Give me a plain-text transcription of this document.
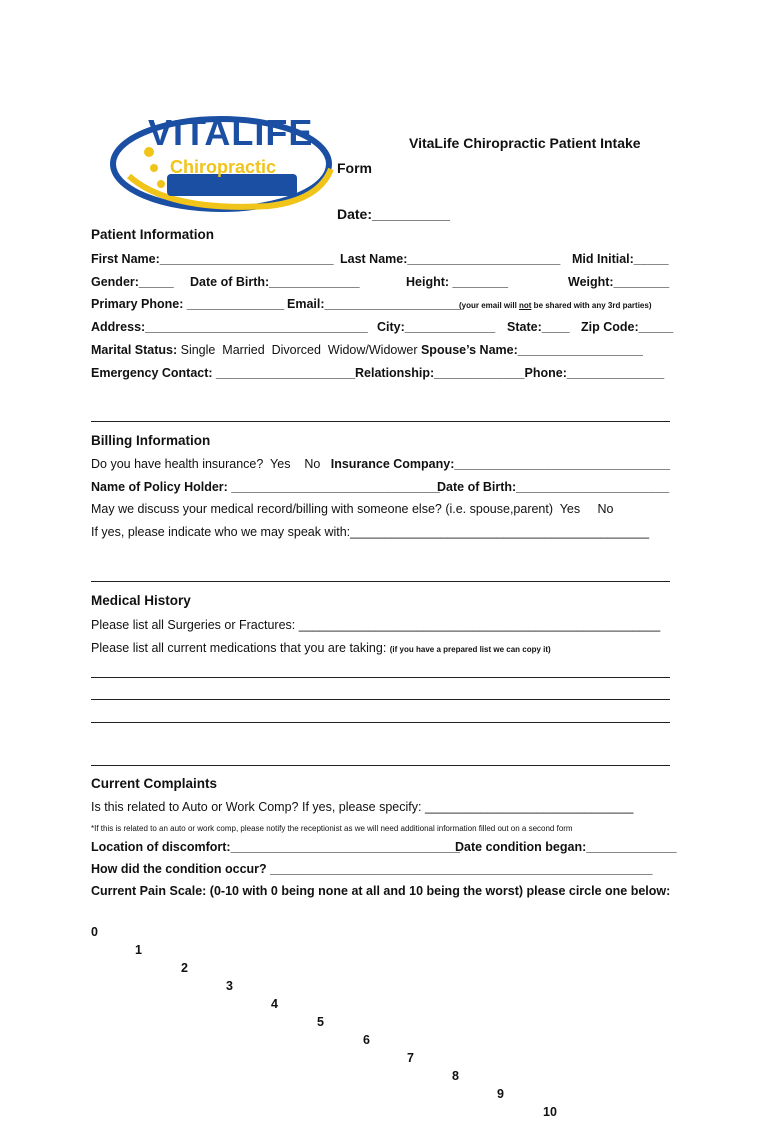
VITALIFE

Chiropractic

VitaLife Chiropractic Patient Intake
Form
Date:__________
Patient Information
First Name:_________________________ Last Name:______________________ Mid Initial:_____
Gender:_____ Date of Birth:_____________	Height: ________	Weight:________
Primary Phone: ______________ Email:____________________
(your email will not be shared with any 3rd parties)
Address:________________________________ City:_____________ State:____ Zip Code:_____
Marital Status: Single  Married  Divorced  Widow/Widower Spouse’s Name:__________________
Emergency Contact: ____________________ Relationship:_____________Phone:______________
Billing Information
Do you have health insurance?  Yes    No   Insurance Company:_______________________________
Name of Policy Holder: ______________________________
Date of Birth:______________________
May we discuss your medical record/billing with someone else? (i.e. spouse,parent)  Yes     No
If yes, please indicate who we may speak with:___________________________________________
Medical History
Please list all Surgeries or Fractures: ____________________________________________________
Please list all current medications that you are taking: (if you have a prepared list we can copy it)
Current Complaints
Is this related to Auto or Work Comp? If yes, please specify: ______________________________
*If this is related to an auto or work comp, please notify the receptionist as we will need additional information filled out on a second form
Location of discomfort:_________________________________
Date condition began:_____________
How did the condition occur? _______________________________________________________
Current Pain Scale: (0-10 with 0 being none at all and 10 being the worst) please circle one below:

0

1

2

3

4

5

6

7

8

9

10
